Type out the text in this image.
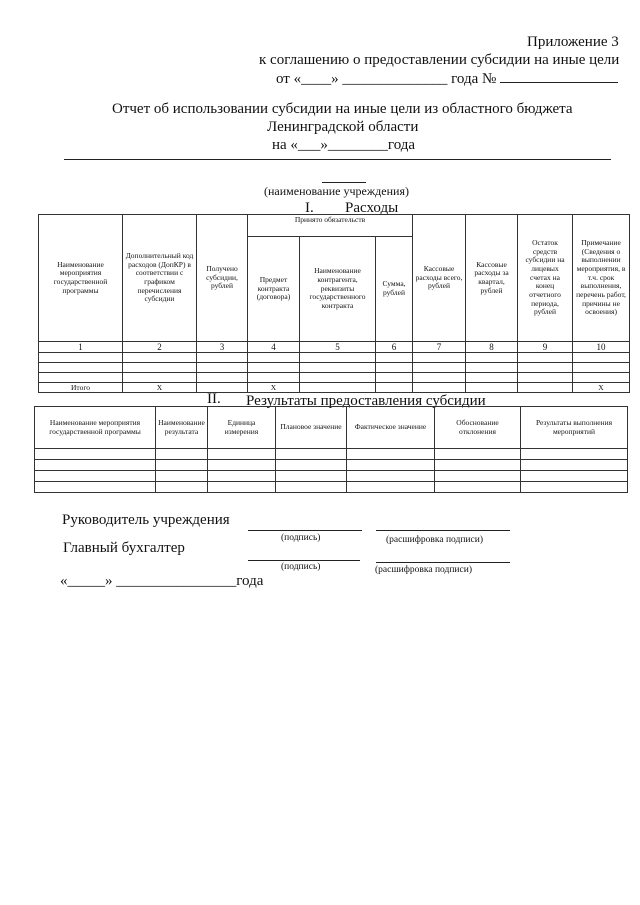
Приложение 3
к соглашению о предоставлении субсидии на иные цели
от «____» ______________ года №
Отчет об использовании субсидии на иные цели из областного бюджета
Ленинградской области
на «___»________года
(наименование учреждения)
I. Расходы
Наименование мероприятия государственной программы	Дополнительный код расходов (ДопКР) в соответствии с графиком перечисления субсидии	Получено субсидии, рублей	Принято обязательств			Кассовые расходы всего, рублей	Кассовые расходы за квартал, рублей	Остаток средств субсидии на лицевых счетах на конец отчетного периода, рублей	Примечание (Сведения о выполнении мероприятия, в т.ч. срок выполнения, перечень работ, причины не освоения)
			Предмет контракта (договора)	Наименование контрагента, реквизиты государственного контракта	Сумма, рублей				
1	2	3	4	5	6	7	8	9	10

Итого	X		X						X
II. Результаты предоставления субсидии
Наименование мероприятия государственной программы	Наименование результата	Единица измерения	Плановое значение	Фактическое значение	Обоснование отклонения	Результаты выполнения мероприятий

Руководитель учреждения
(подпись)	(расшифровка подписи)
Главный бухгалтер
(подпись)	(расшифровка подписи)
«_____» ________________года
